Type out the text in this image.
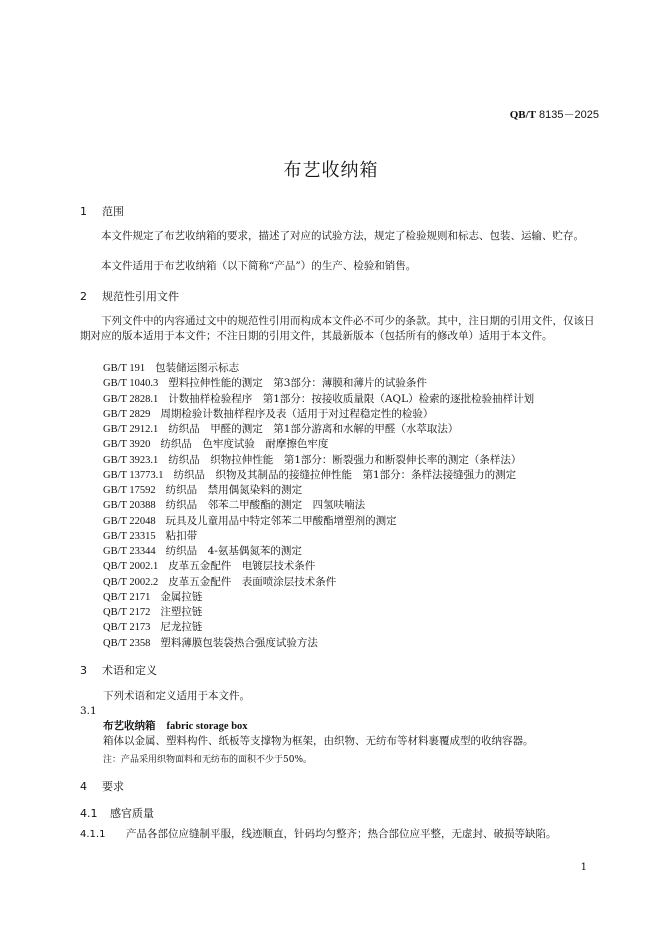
QB/T 8135－2025
布艺收纳箱
1 范围
本文件规定了布艺收纳箱的要求，描述了对应的试验方法，规定了检验规则和标志、包装、运输、贮存。
本文件适用于布艺收纳箱（以下简称“产品”）的生产、检验和销售。
2 规范性引用文件
下列文件中的内容通过文中的规范性引用而构成本文件必不可少的条款。其中，注日期的引用文件，仅该日期对应的版本适用于本文件；不注日期的引用文件，其最新版本（包括所有的修改单）适用于本文件。
GB/T 191 包装储运图示标志
GB/T 1040.3 塑料拉伸性能的测定　第3部分：薄膜和薄片的试验条件
GB/T 2828.1 计数抽样检验程序　第1部分：按接收质量限（AQL）检索的逐批检验抽样计划
GB/T 2829 周期检验计数抽样程序及表（适用于对过程稳定性的检验）
GB/T 2912.1 纺织品　甲醛的测定　第1部分游离和水解的甲醛（水萃取法）
GB/T 3920 纺织品　色牢度试验　耐摩擦色牢度
GB/T 3923.1 纺织品　织物拉伸性能　第1部分：断裂强力和断裂伸长率的测定（条样法）
GB/T 13773.1 纺织品　织物及其制品的接缝拉伸性能　第1部分：条样法接缝强力的测定
GB/T 17592 纺织品　禁用偶氮染料的测定
GB/T 20388 纺织品　邻苯二甲酸酯的测定　四氢呋喃法
GB/T 22048 玩具及儿童用品中特定邻苯二甲酸酯增塑剂的测定
GB/T 23315 粘扣带
GB/T 23344 纺织品　4-氨基偶氮苯的测定
QB/T 2002.1 皮革五金配件　电镀层技术条件
QB/T 2002.2 皮革五金配件　表面喷涂层技术条件
QB/T 2171 金属拉链
QB/T 2172 注塑拉链
QB/T 2173 尼龙拉链
QB/T 2358 塑料薄膜包装袋热合强度试验方法
3 术语和定义
下列术语和定义适用于本文件。
3.1
布艺收纳箱 fabric storage box
箱体以金属、塑料构件、纸板等支撑物为框架，由织物、无纺布等材料裹覆成型的收纳容器。
注：产品采用织物面料和无纺布的面积不少于50%。
4 要求
4.1 感官质量
4.1.1 产品各部位应缝制平服，线迹顺直，针码均匀整齐；热合部位应平整，无虚封、破损等缺陷。
1
